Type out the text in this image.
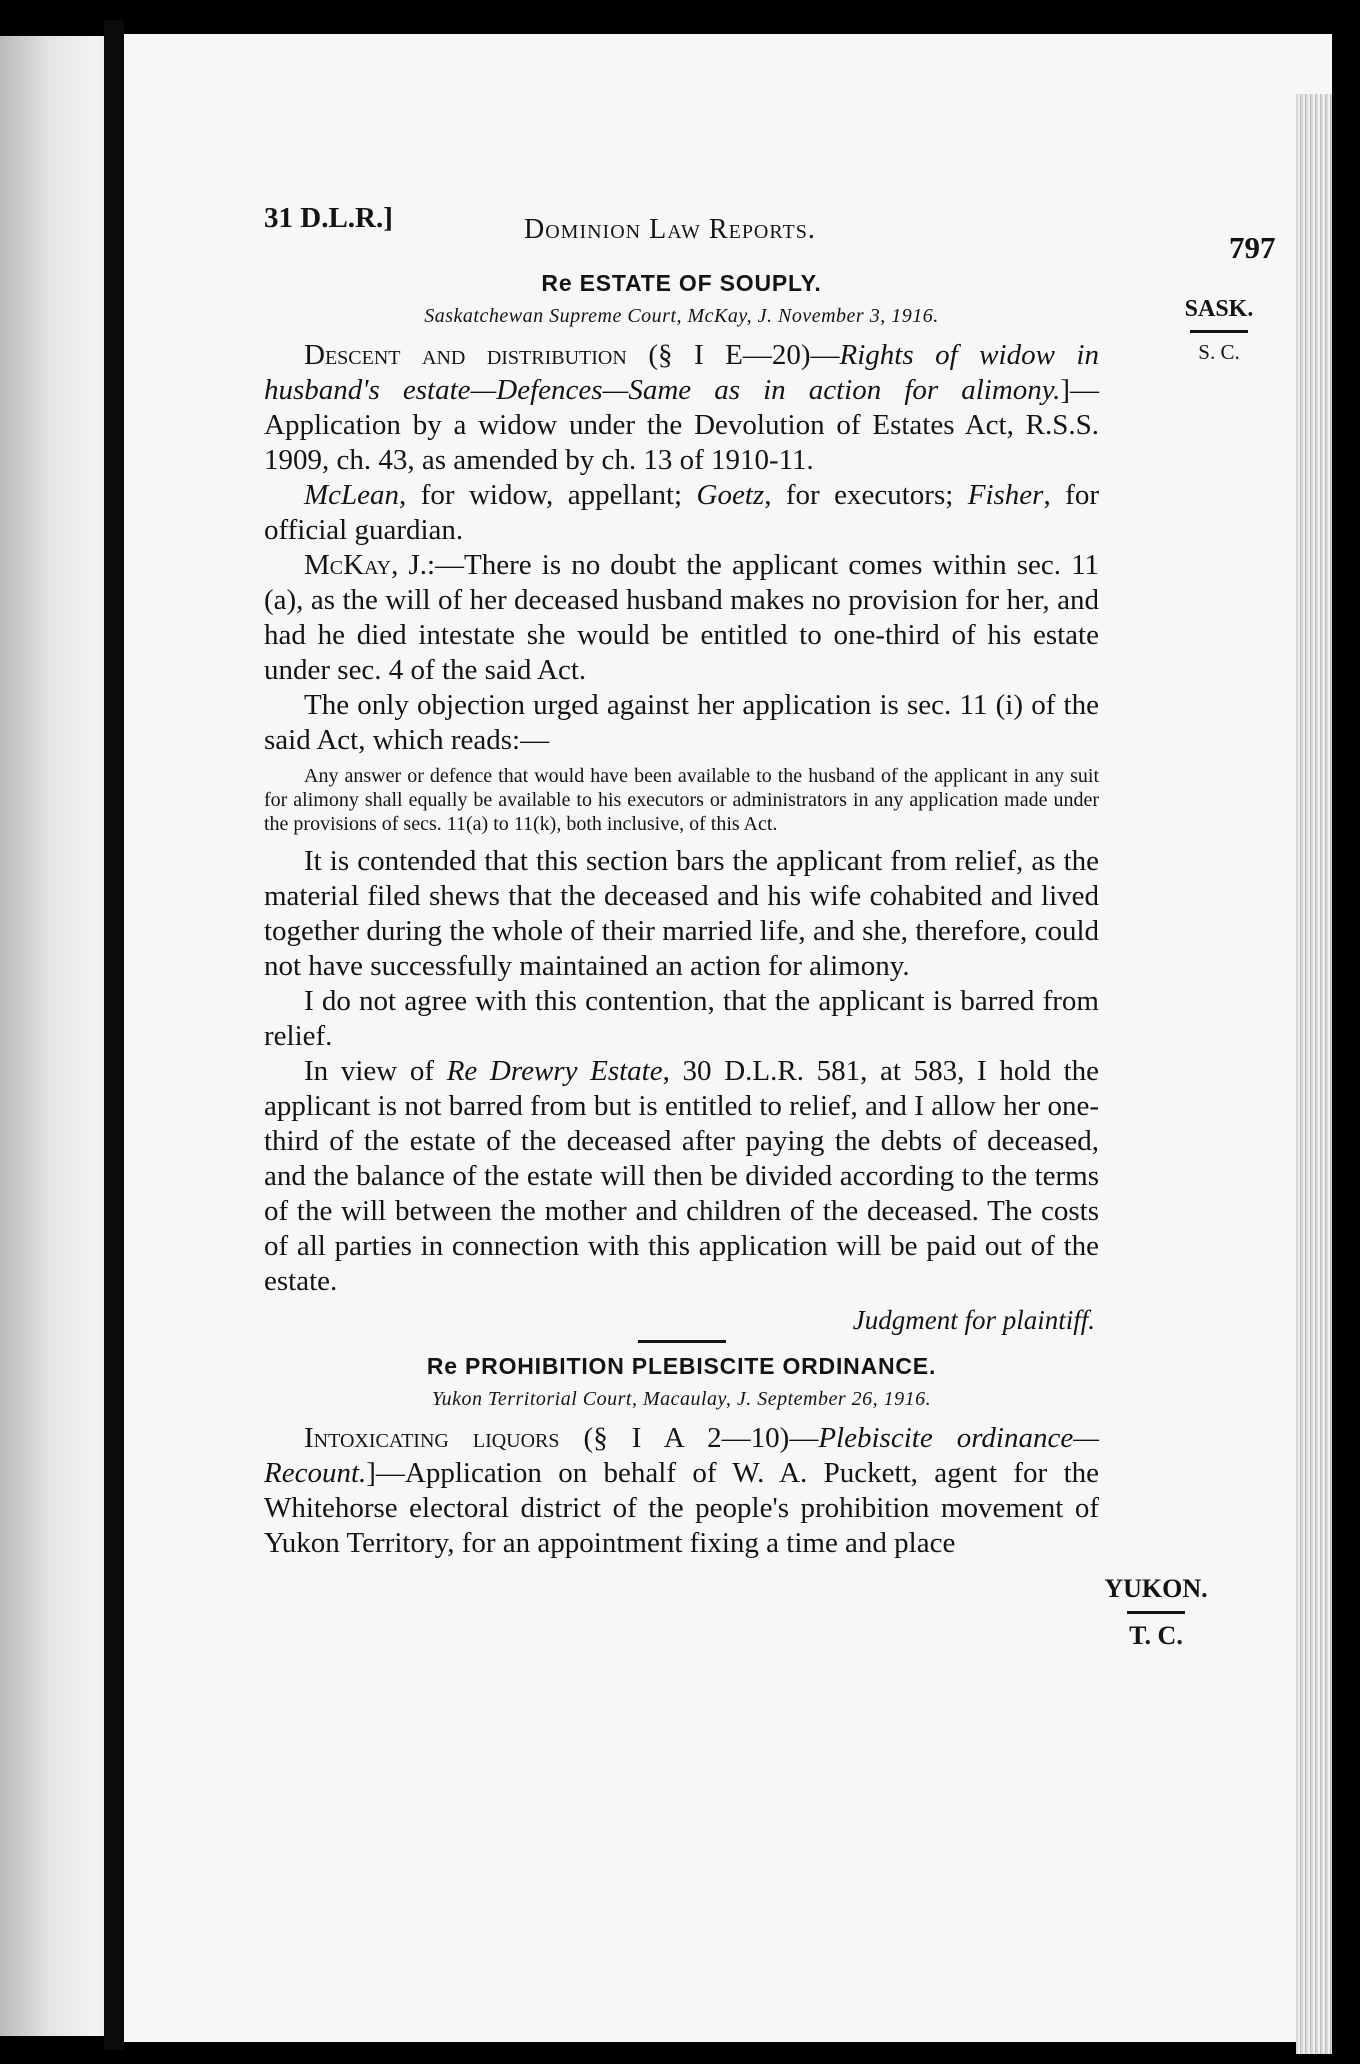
31 D.L.R.]	Dominion Law Reports.
797
SASK.
S. C.
YUKON.
T. C.
Re ESTATE OF SOUPLY.
Saskatchewan Supreme Court, McKay, J. November 3, 1916.

Descent and distribution (§ I E—20)—Rights of widow in husband's estate—Defences—Same as in action for alimony.]—Application by a widow under the Devolution of Estates Act, R.S.S. 1909, ch. 43, as amended by ch. 13 of 1910-11.

McLean, for widow, appellant; Goetz, for executors; Fisher, for official guardian.

McKay, J.:—There is no doubt the applicant comes within sec. 11 (a), as the will of her deceased husband makes no provision for her, and had he died intestate she would be entitled to one-third of his estate under sec. 4 of the said Act.

The only objection urged against her application is sec. 11 (i) of the said Act, which reads:—

Any answer or defence that would have been available to the husband of the applicant in any suit for alimony shall equally be available to his executors or administrators in any application made under the provisions of secs. 11(a) to 11(k), both inclusive, of this Act.

It is contended that this section bars the applicant from relief, as the material filed shews that the deceased and his wife cohabited and lived together during the whole of their married life, and she, therefore, could not have successfully maintained an action for alimony.

I do not agree with this contention, that the applicant is barred from relief.

In view of Re Drewry Estate, 30 D.L.R. 581, at 583, I hold the applicant is not barred from but is entitled to relief, and I allow her one-third of the estate of the deceased after paying the debts of deceased, and the balance of the estate will then be divided according to the terms of the will between the mother and children of the deceased. The costs of all parties in connection with this application will be paid out of the estate.

Judgment for plaintiff.
Re PROHIBITION PLEBISCITE ORDINANCE.
Yukon Territorial Court, Macaulay, J. September 26, 1916.

Intoxicating liquors (§ I A 2—10)—Plebiscite ordinance—Recount.]—Application on behalf of W. A. Puckett, agent for the Whitehorse electoral district of the people's prohibition movement of Yukon Territory, for an appointment fixing a time and place
